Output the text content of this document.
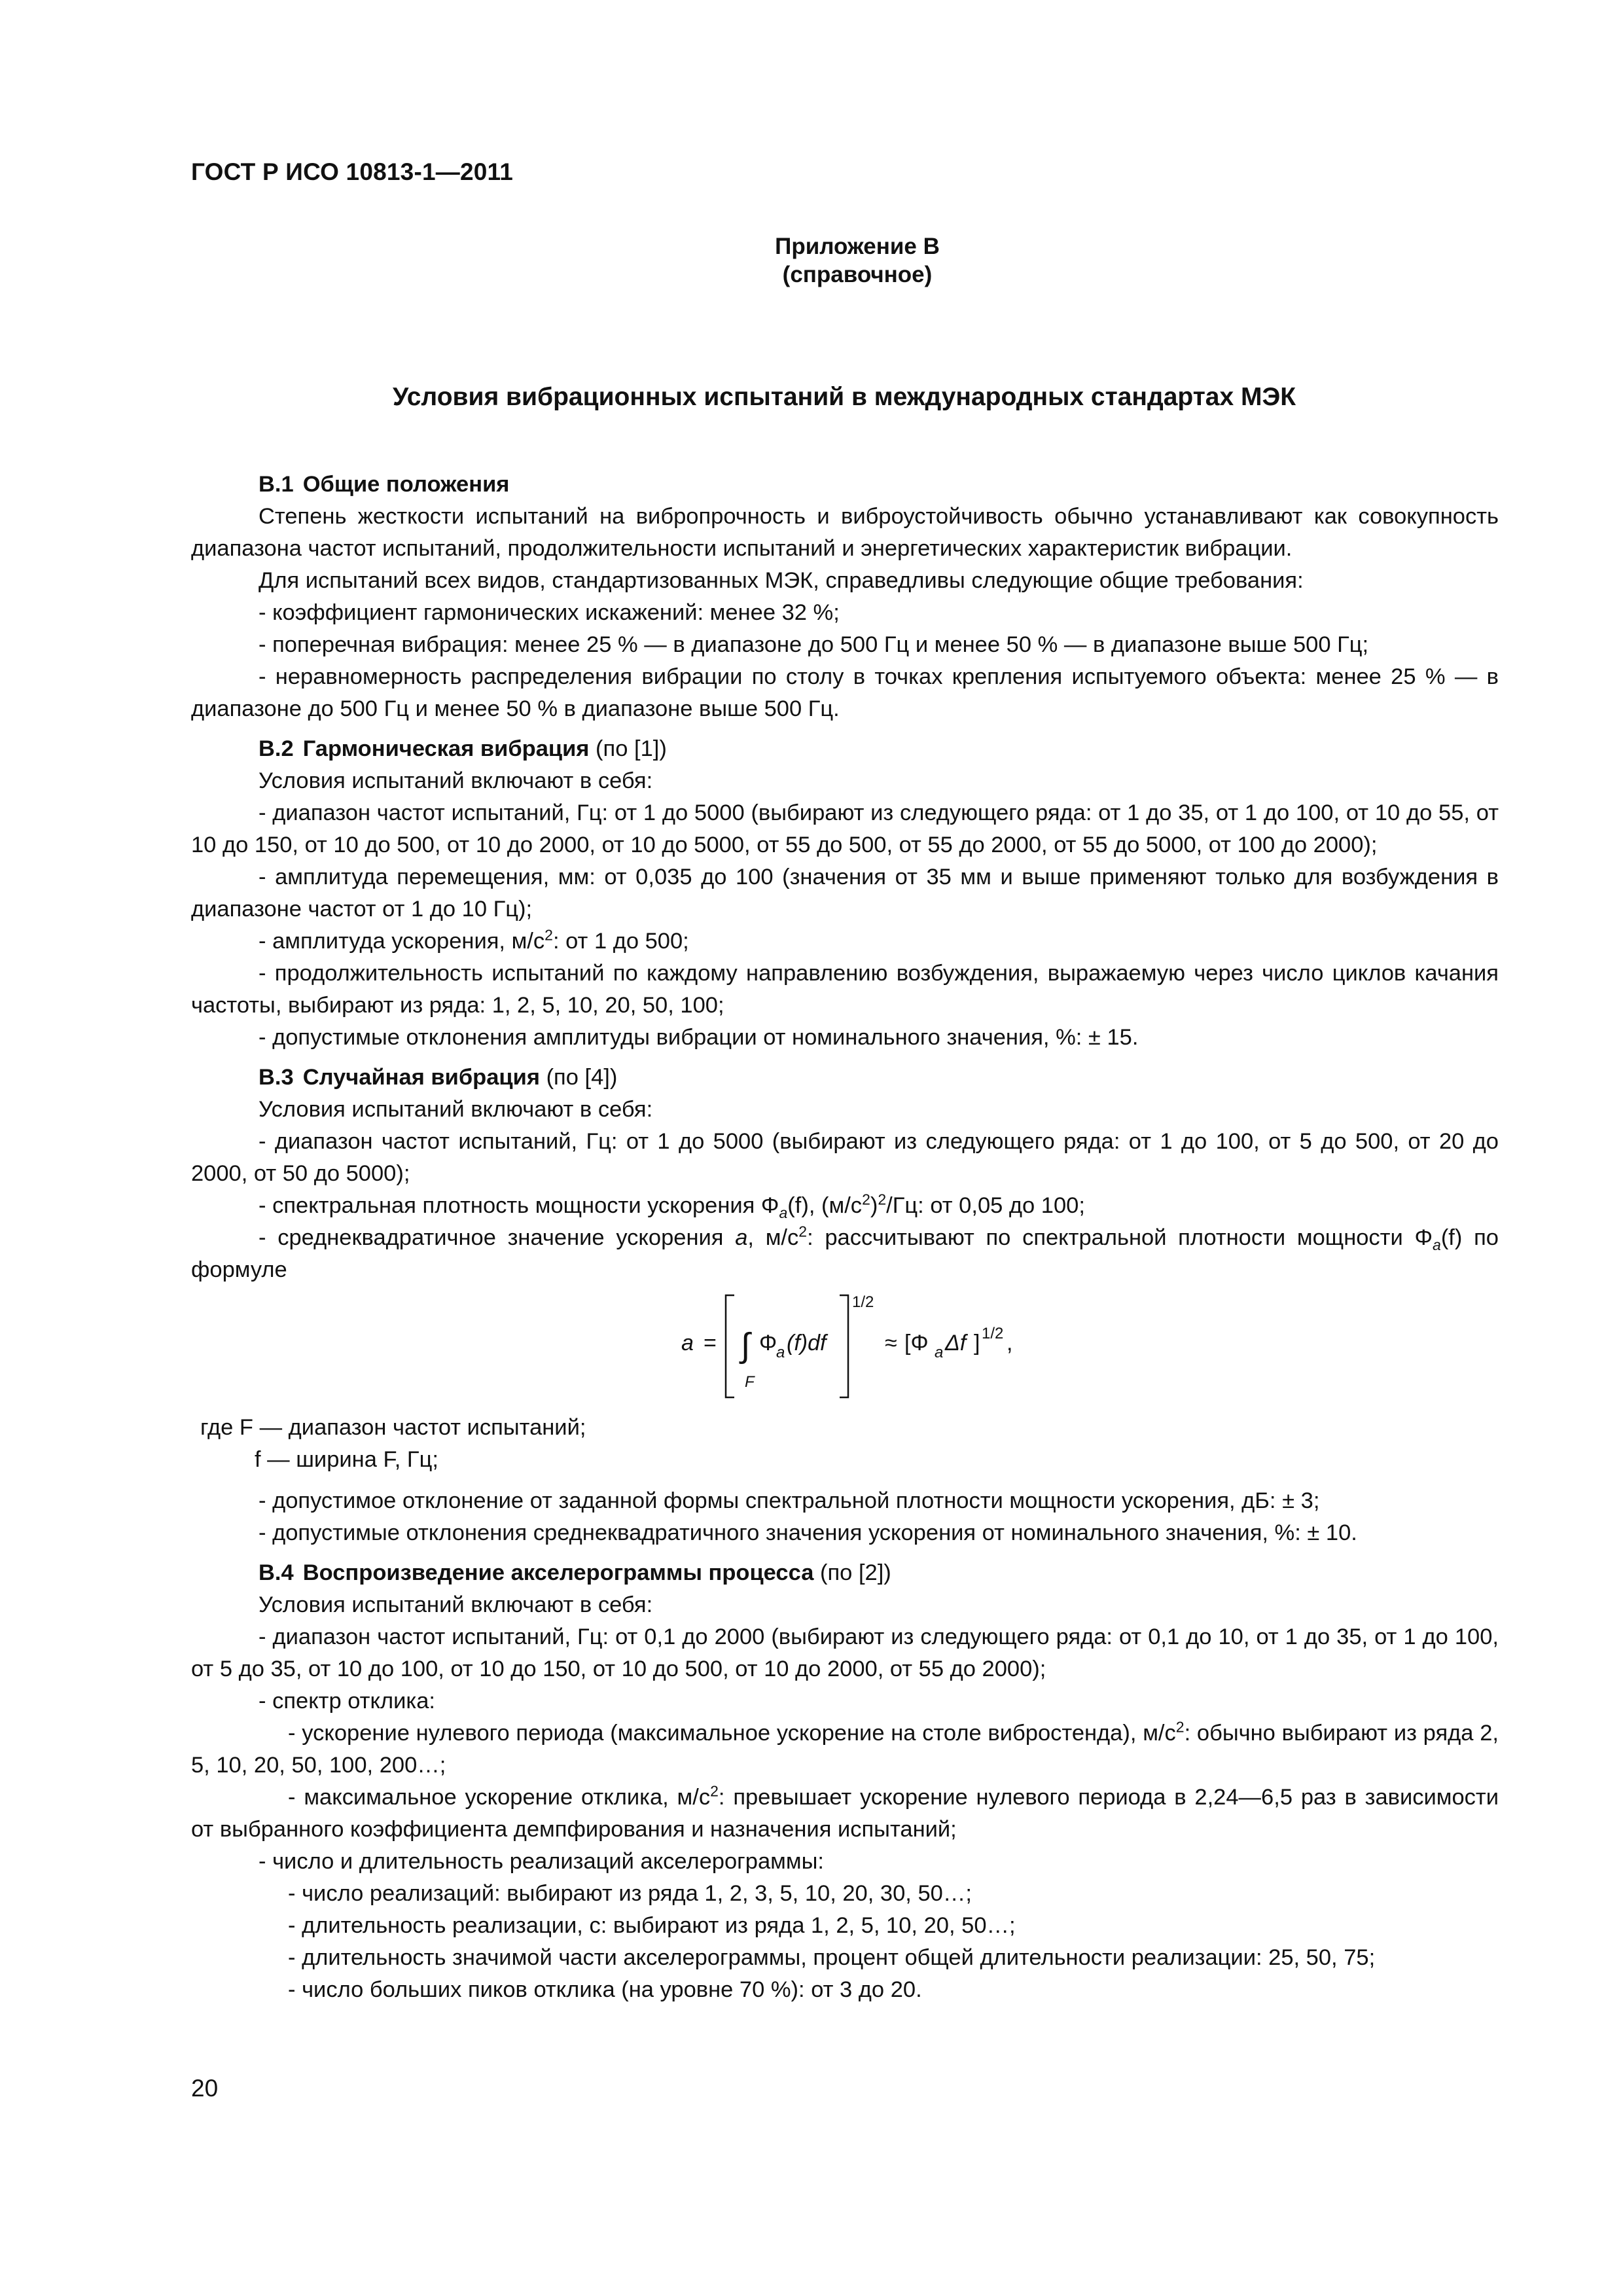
ГОСТ Р ИСО 10813-1—2011
Приложение В
(справочное)
Условия вибрационных испытаний в международных стандартах МЭК

В.1 Общие положения

Степень жесткости испытаний на вибропрочность и виброустойчивость обычно устанавливают как совокупность диапазона частот испытаний, продолжительности испытаний и энергетических характеристик вибрации.

Для испытаний всех видов, стандартизованных МЭК, справедливы следующие общие требования:

- коэффициент гармонических искажений: менее 32 %;

- поперечная вибрация: менее 25 % — в диапазоне до 500 Гц и менее 50 % — в диапазоне выше 500 Гц;

- неравномерность распределения вибрации по столу в точках крепления испытуемого объекта: менее 25 % — в диапазоне до 500 Гц и менее 50 % в диапазоне выше 500 Гц.

В.2 Гармоническая вибрация (по [1])

Условия испытаний включают в себя:

- диапазон частот испытаний, Гц: от 1 до 5000 (выбирают из следующего ряда: от 1 до 35, от 1 до 100, от 10 до 55, от 10 до 150, от 10 до 500, от 10 до 2000, от 10 до 5000, от 55 до 500, от 55 до 2000, от 55 до 5000, от 100 до 2000);

- амплитуда перемещения, мм: от 0,035 до 100 (значения от 35 мм и выше применяют только для возбуждения в диапазоне частот от 1 до 10 Гц);

- амплитуда ускорения, $м/с^2$: от 1 до 500;

- продолжительность испытаний по каждому направлению возбуждения, выражаемую через число циклов качания частоты, выбирают из ряда: 1, 2, 5, 10, 20, 50, 100;

- допустимые отклонения амплитуды вибрации от номинального значения, %: ± 15.

В.3 Случайная вибрация (по [4])

Условия испытаний включают в себя:

- диапазон частот испытаний, Гц: от 1 до 5000 (выбирают из следующего ряда: от 1 до 100, от 5 до 500, от 20 до 2000, от 50 до 5000);

- спектральная плотность мощности ускорения $\Phi_a(f)$, $(м/с^2)^2/Гц$: от 0,05 до 100;

- среднеквадратичное значение ускорения a, $м/с^2$: рассчитывают по спектральной плотности мощности $\Phi_a(f)$ по формуле

a = ∫
F
Φ
a (f)df
1/2
≈ [Φ a Δf ] 1/2 ,

где F — диапазон частот испытаний;

f — ширина F, Гц;

- допустимое отклонение от заданной формы спектральной плотности мощности ускорения, дБ: ± 3;

- допустимые отклонения среднеквадратичного значения ускорения от номинального значения, %: ± 10.

В.4 Воспроизведение акселерограммы процесса (по [2])

Условия испытаний включают в себя:

- диапазон частот испытаний, Гц: от 0,1 до 2000 (выбирают из следующего ряда: от 0,1 до 10, от 1 до 35, от 1 до 100, от 5 до 35, от 10 до 100, от 10 до 150, от 10 до 500, от 10 до 2000, от 55 до 2000);

- спектр отклика:

- ускорение нулевого периода (максимальное ускорение на столе вибростенда), $м/с^2$: обычно выбирают из ряда 2, 5, 10, 20, 50, 100, 200…;

- максимальное ускорение отклика, $м/с^2$: превышает ускорение нулевого периода в 2,24—6,5 раз в зависимости от выбранного коэффициента демпфирования и назначения испытаний;

- число и длительность реализаций акселерограммы:

- число реализаций: выбирают из ряда 1, 2, 3, 5, 10, 20, 30, 50…;

- длительность реализации, с: выбирают из ряда 1, 2, 5, 10, 20, 50…;

- длительность значимой части акселерограммы, процент общей длительности реализации: 25, 50, 75;

- число больших пиков отклика (на уровне 70 %): от 3 до 20.

20
